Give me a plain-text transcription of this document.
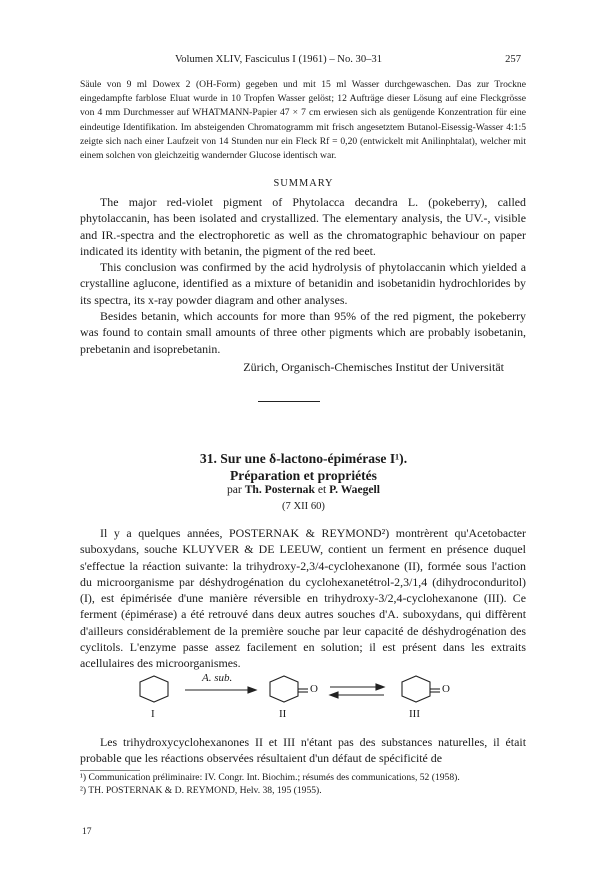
Volumen XLIV, Fasciculus I (1961) – No. 30–31	257
Säule von 9 ml Dowex 2 (OH-Form) gegeben und mit 15 ml Wasser durchgewaschen. Das zur Trockne eingedampfte farblose Eluat wurde in 10 Tropfen Wasser gelöst; 12 Aufträge dieser Lösung auf eine Fleckgrösse von 4 mm Durchmesser auf WHATMANN-Papier 47 × 7 cm erwiesen sich als genügende Konzentration für eine eindeutige Identifikation. Im absteigenden Chromatogramm mit frisch angesetztem Butanol-Eisessig-Wasser 4:1:5 zeigte sich nach einer Laufzeit von 14 Stunden nur ein Fleck Rf = 0,20 (entwickelt mit Anilinphtalat), welcher mit einem solchen von gleichzeitig wandernder Glucose identisch war.
SUMMARY

The major red-violet pigment of Phytolacca decandra L. (pokeberry), called phytolaccanin, has been isolated and crystallized. The elementary analysis, the UV.-, visible and IR.-spectra and the electrophoretic as well as the chromatographic behaviour on paper indicated its identity with betanin, the pigment of the red beet.

This conclusion was confirmed by the acid hydrolysis of phytolaccanin which yielded a crystalline aglucone, identified as a mixture of betanidin and isobetanidin hydrochlorides by its spectra, its x-ray powder diagram and other analyses.

Besides betanin, which accounts for more than 95% of the red pigment, the pokeberry was found to contain small amounts of three other pigments which are probably isobetanin, prebetanin and isoprebetanin.

Zürich, Organisch-Chemisches Institut der Universität
31. Sur une δ-lactono-épimérase I¹).
Préparation et propriétés
par Th. Posternak et P. Waegell
(7 XII 60)

Il y a quelques années, POSTERNAK & REYMOND²) montrèrent qu'Acetobacter suboxydans, souche KLUYVER & DE LEEUW, contient un ferment en présence duquel s'effectue la réaction suivante: la trihydroxy-2,3/4-cyclohexanone (II), formée sous l'action du microorganisme par déshydrogénation du cyclohexanetétrol-2,3/1,4 (dihydroconduritol) (I), est épimérisée d'une manière réversible en trihydroxy-3/2,4-cyclohexanone (III). Ce ferment (épimérase) a été retrouvé dans deux autres souches d'A. suboxydans, qui diffèrent d'ailleurs considérablement de la première souche par leur capacité de déshydrogénation des cyclitols. L'enzyme passe assez facilement en solution; il est présent dans les extraits acellulaires des microorganismes.

A. sub.
O	O
I	II	III

Les trihydroxycyclohexanones II et III n'étant pas des substances naturelles, il était probable que les réactions observées résultaient d'un défaut de spécificité de

¹) Communication préliminaire: IV. Congr. Int. Biochim.; résumés des communications, 52 (1958).
²) TH. POSTERNAK & D. REYMOND, Helv. 38, 195 (1955).
17
